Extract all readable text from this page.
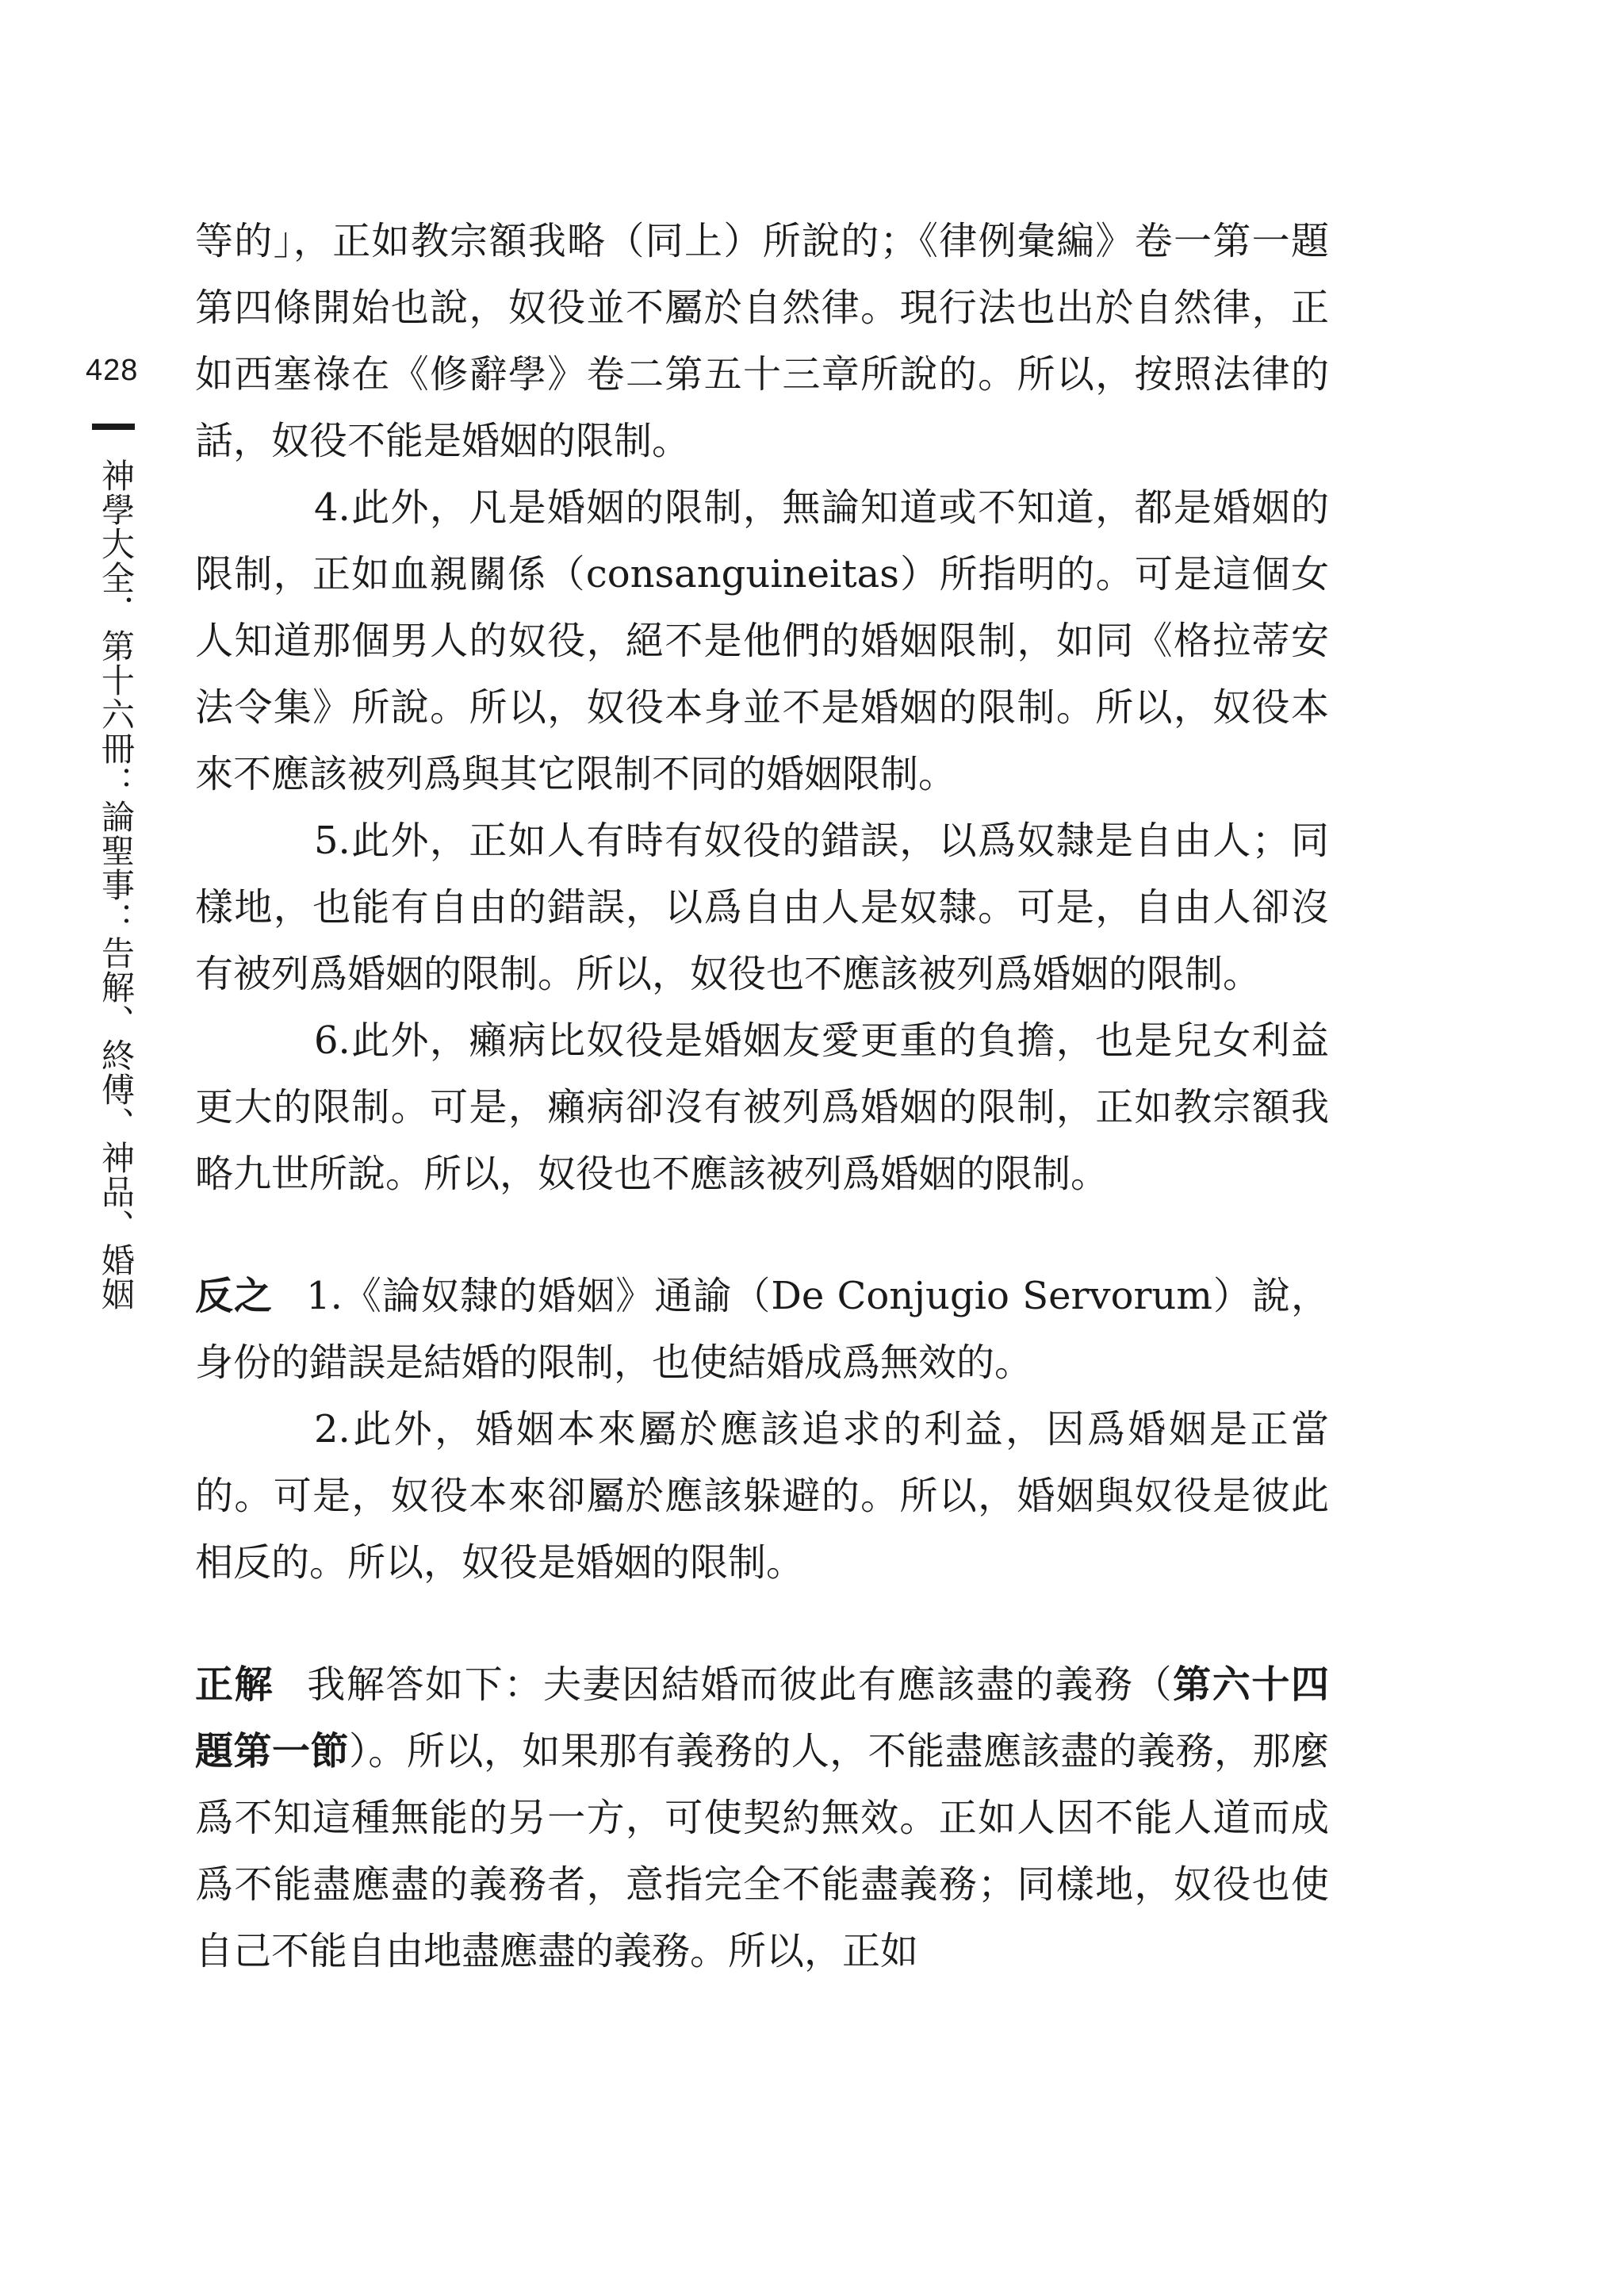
428
神學大全．第十六冊：論聖事：告解、終傅、神品、婚姻

等的」，正如教宗額我略（同上）所說的；《律例彙編》卷一第一題第四條開始也說，奴役並不屬於自然律。現行法也出於自然律，正如西塞祿在《修辭學》卷二第五十三章所說的。所以，按照法律的話，奴役不能是婚姻的限制。

4.此外，凡是婚姻的限制，無論知道或不知道，都是婚姻的限制，正如血親關係（consanguineitas）所指明的。可是這個女人知道那個男人的奴役，絕不是他們的婚姻限制，如同《格拉蒂安法令集》所說。所以，奴役本身並不是婚姻的限制。所以，奴役本來不應該被列爲與其它限制不同的婚姻限制。

5.此外，正如人有時有奴役的錯誤，以爲奴隸是自由人；同樣地，也能有自由的錯誤，以爲自由人是奴隸。可是，自由人卻沒有被列爲婚姻的限制。所以，奴役也不應該被列爲婚姻的限制。

6.此外，癩病比奴役是婚姻友愛更重的負擔，也是兒女利益更大的限制。可是，癩病卻沒有被列爲婚姻的限制，正如教宗額我略九世所說。所以，奴役也不應該被列爲婚姻的限制。

反之 1.《論奴隸的婚姻》通諭（De Conjugio Servorum）說，身份的錯誤是結婚的限制，也使結婚成爲無效的。

2.此外，婚姻本來屬於應該追求的利益，因爲婚姻是正當的。可是，奴役本來卻屬於應該躲避的。所以，婚姻與奴役是彼此相反的。所以，奴役是婚姻的限制。

正解 我解答如下：夫妻因結婚而彼此有應該盡的義務（第六十四題第一節）。所以，如果那有義務的人，不能盡應該盡的義務，那麼爲不知這種無能的另一方，可使契約無效。正如人因不能人道而成爲不能盡應盡的義務者，意指完全不能盡義務；同樣地，奴役也使自己不能自由地盡應盡的義務。所以，正如
